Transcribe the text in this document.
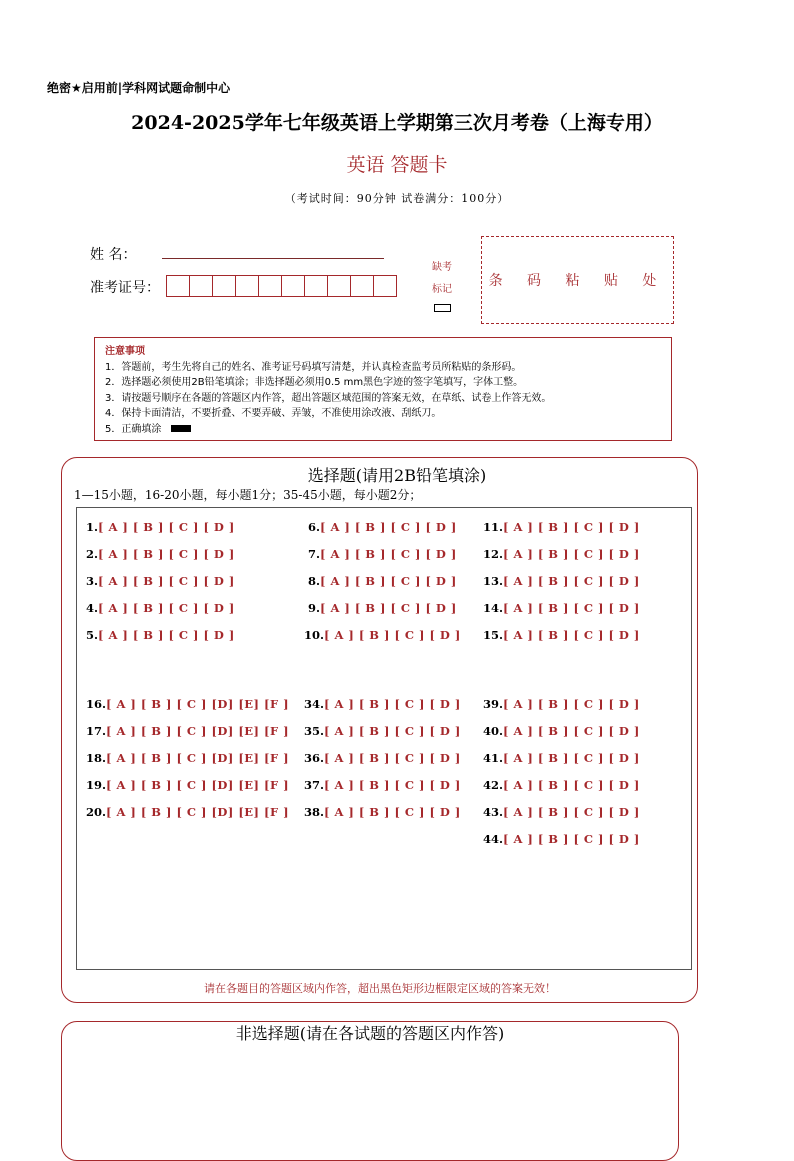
绝密★启用前|学科网试题命制中心
2024-2025学年七年级英语上学期第三次月考卷（上海专用）
英语 答题卡
（考试时间：90分钟 试卷满分：100分）
姓 名：
准考证号：
缺考标记
条 码 粘 贴 处
注意事项
1．答题前，考生先将自己的姓名、准考证号码填写清楚，并认真检查监考员所粘贴的条形码。
2．选择题必须使用2B铅笔填涂；非选择题必须用0.5 mm黑色字迹的签字笔填写，字体工整。
3．请按题号顺序在各题的答题区内作答，超出答题区域范围的答案无效，在草纸、试卷上作答无效。
4．保持卡面清洁，不要折叠、不要弄破、弄皱，不准使用涂改液、刮纸刀。
5．正确填涂
选择题(请用2B铅笔填涂)
1—15小题，16-20小题，每小题1分；35-45小题，每小题2分；
1.[ A ] [ B ] [ C ] [ D ]
2.[ A ] [ B ] [ C ] [ D ]
3.[ A ] [ B ] [ C ] [ D ]
4.[ A ] [ B ] [ C ] [ D ]
5.[ A ] [ B ] [ C ] [ D ]
6.[ A ] [ B ] [ C ] [ D ]
7.[ A ] [ B ] [ C ] [ D ]
8.[ A ] [ B ] [ C ] [ D ]
9.[ A ] [ B ] [ C ] [ D ]
10.[ A ] [ B ] [ C ] [ D ]
11.[ A ] [ B ] [ C ] [ D ]
12.[ A ] [ B ] [ C ] [ D ]
13.[ A ] [ B ] [ C ] [ D ]
14.[ A ] [ B ] [ C ] [ D ]
15.[ A ] [ B ] [ C ] [ D ]
16.[ A ] [ B ] [ C ] [D] [E] [F ]
17.[ A ] [ B ] [ C ] [D] [E] [F ]
18.[ A ] [ B ] [ C ] [D] [E] [F ]
19.[ A ] [ B ] [ C ] [D] [E] [F ]
20.[ A ] [ B ] [ C ] [D] [E] [F ]
34.[ A ] [ B ] [ C ] [ D ]
35.[ A ] [ B ] [ C ] [ D ]
36.[ A ] [ B ] [ C ] [ D ]
37.[ A ] [ B ] [ C ] [ D ]
38.[ A ] [ B ] [ C ] [ D ]
39.[ A ] [ B ] [ C ] [ D ]
40.[ A ] [ B ] [ C ] [ D ]
41.[ A ] [ B ] [ C ] [ D ]
42.[ A ] [ B ] [ C ] [ D ]
43.[ A ] [ B ] [ C ] [ D ]
44.[ A ] [ B ] [ C ] [ D ]
请在各题目的答题区域内作答，超出黑色矩形边框限定区域的答案无效！
非选择题(请在各试题的答题区内作答)
